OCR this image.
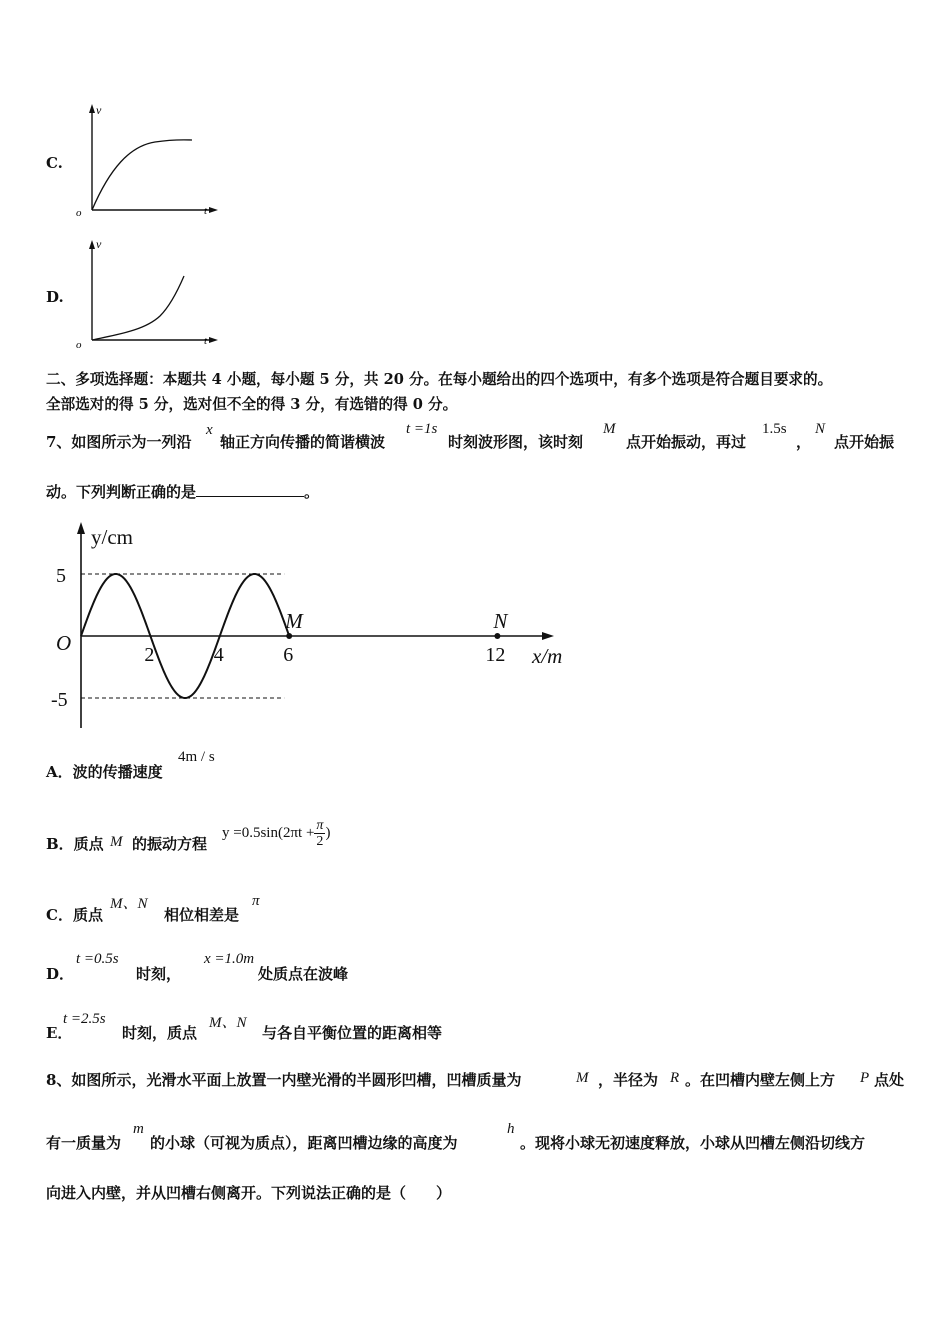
C.
v
o	t
D.
v
o	t
二、多项选择题：本题共 4 小题，每小题 5 分，共 20 分。在每小题给出的四个选项中，有多个选项是符合题目要求的。
全部选对的得 5 分，选对但不全的得 3 分，有选错的得 0 分。
7、如图所示为一列沿
x
轴正方向传播的简谐横波
t =1s
时刻波形图，该时刻
M
点开始振动，再过
1.5s
，
N
点开始振
动。下列判断正确的是	。
y/cm
5
-5
O	2	4	6	12 x/m
M	N
A．波的传播速度
4m / s
B．质点 M 的振动方程
$y =0.5\sin(2\pi t + \frac{\pi}{2}$ )
C．质点
M、N
相位相差是
π
D．
t =0.5s
时刻，
x =1.0m
处质点在波峰
E．
t =2.5s
时刻，质点
M、N
与各自平衡位置的距离相等
8、如图所示，光滑水平面上放置一内壁光滑的半圆形凹槽，凹槽质量为	M ，半径为 R 。在凹槽内壁左侧上方 P 点处
有一质量为
m
的小球（可视为质点），距离凹槽边缘的高度为
h
。现将小球无初速度释放，小球从凹槽左侧沿切线方
向进入内壁，并从凹槽右侧离开。下列说法正确的是（　　）
